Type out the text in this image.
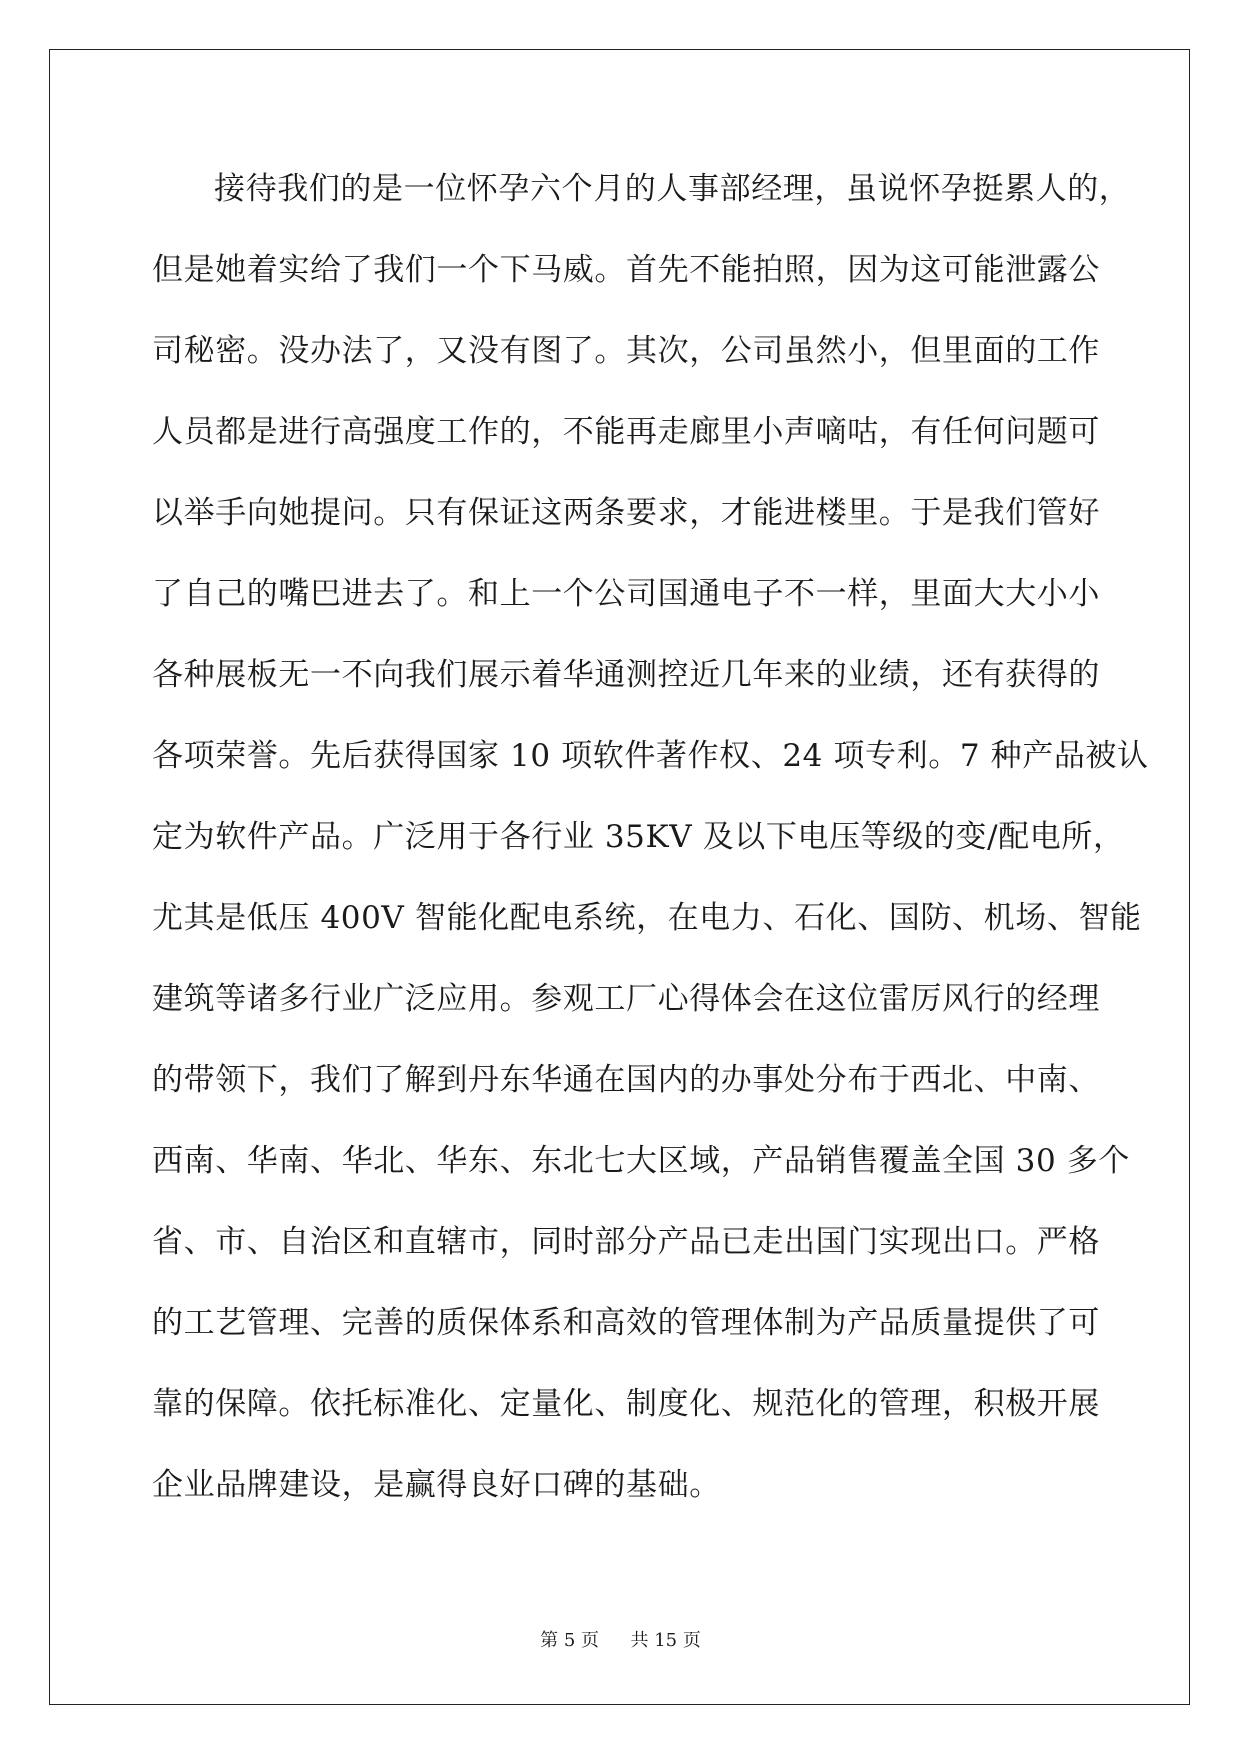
接待我们的是一位怀孕六个月的人事部经理，虽说怀孕挺累人的，
但是她着实给了我们一个下马威。首先不能拍照，因为这可能泄露公
司秘密。没办法了，又没有图了。其次，公司虽然小，但里面的工作
人员都是进行高强度工作的，不能再走廊里小声嘀咕，有任何问题可
以举手向她提问。只有保证这两条要求，才能进楼里。于是我们管好
了自己的嘴巴进去了。和上一个公司国通电子不一样，里面大大小小
各种展板无一不向我们展示着华通测控近几年来的业绩，还有获得的
各项荣誉。先后获得国家 10 项软件著作权、24 项专利。7 种产品被认
定为软件产品。广泛用于各行业 35KV 及以下电压等级的变/配电所，
尤其是低压 400V 智能化配电系统，在电力、石化、国防、机场、智能
建筑等诸多行业广泛应用。参观工厂心得体会在这位雷厉风行的经理
的带领下，我们了解到丹东华通在国内的办事处分布于西北、中南、
西南、华南、华北、华东、东北七大区域，产品销售覆盖全国 30 多个
省、市、自治区和直辖市，同时部分产品已走出国门实现出口。严格
的工艺管理、完善的质保体系和高效的管理体制为产品质量提供了可
靠的保障。依托标准化、定量化、制度化、规范化的管理，积极开展
企业品牌建设，是赢得良好口碑的基础。
第 5 页 共 15 页
